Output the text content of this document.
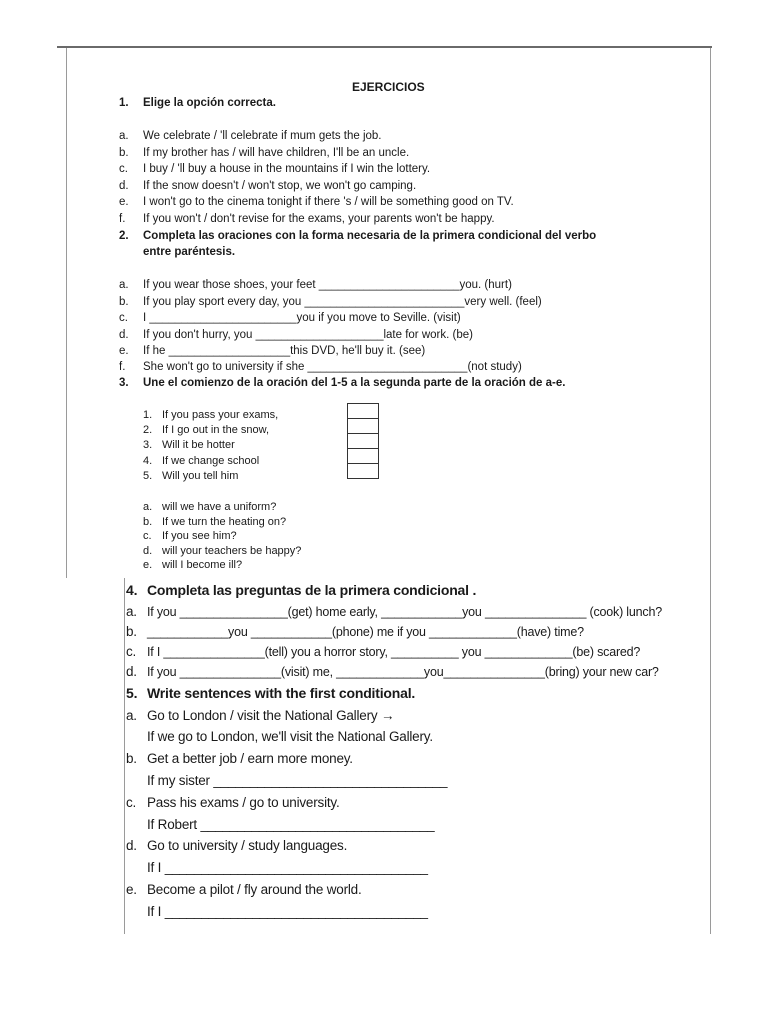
EJERCICIOS
1. Elige la opción correcta.
a. We celebrate / 'll celebrate if mum gets the job.
b. If my brother has / will have children, I'll be an uncle.
c. I buy / 'll buy a house in the mountains if I win the lottery.
d. If the snow doesn't / won't stop, we won't go camping.
e. I won't go to the cinema tonight if there 's / will be something good on TV.
f. If you won't / don't revise for the exams, your parents won't be happy.
2. Completa las oraciones con la forma necesaria de la primera condicional del verbo
entre paréntesis.
a. If you wear those shoes, your feet ______________________you. (hurt)
b. If you play sport every day, you _________________________very well. (feel)
c. I _______________________you if you move to Seville. (visit)
d. If you don't hurry, you ____________________late for work. (be)
e. If he ___________________this DVD, he'll buy it. (see)
f. She won't go to university if she _________________________(not study)
3. Une el comienzo de la oración del 1-5 a la segunda parte de la oración de a-e.
1. If you pass your exams,
2. If I go out in the snow,
3. Will it be hotter
4. If we change school
5. Will you tell him
a. will we have a uniform?
b. If we turn the heating on?
c. If you see him?
d. will your teachers be happy?
e. will I become ill?
4. Completa las preguntas de la primera condicional .
a. If you ________________(get) home early, ____________you _______________ (cook) lunch?
b. ____________you ____________(phone) me if you _____________(have) time?
c. If I _______________(tell) you a horror story, __________ you _____________(be) scared?
d. If you _______________(visit) me, _____________you_______________(bring) your new car?
5. Write sentences with the first conditional.
a. Go to London / visit the National Gallery →
If we go to London, we'll visit the National Gallery.
b. Get a better job / earn more money.
If my sister ________________________________
c. Pass his exams / go to university.
If Robert ________________________________
d. Go to university / study languages.
If I ____________________________________
e. Become a pilot / fly around the world.
If I ____________________________________
